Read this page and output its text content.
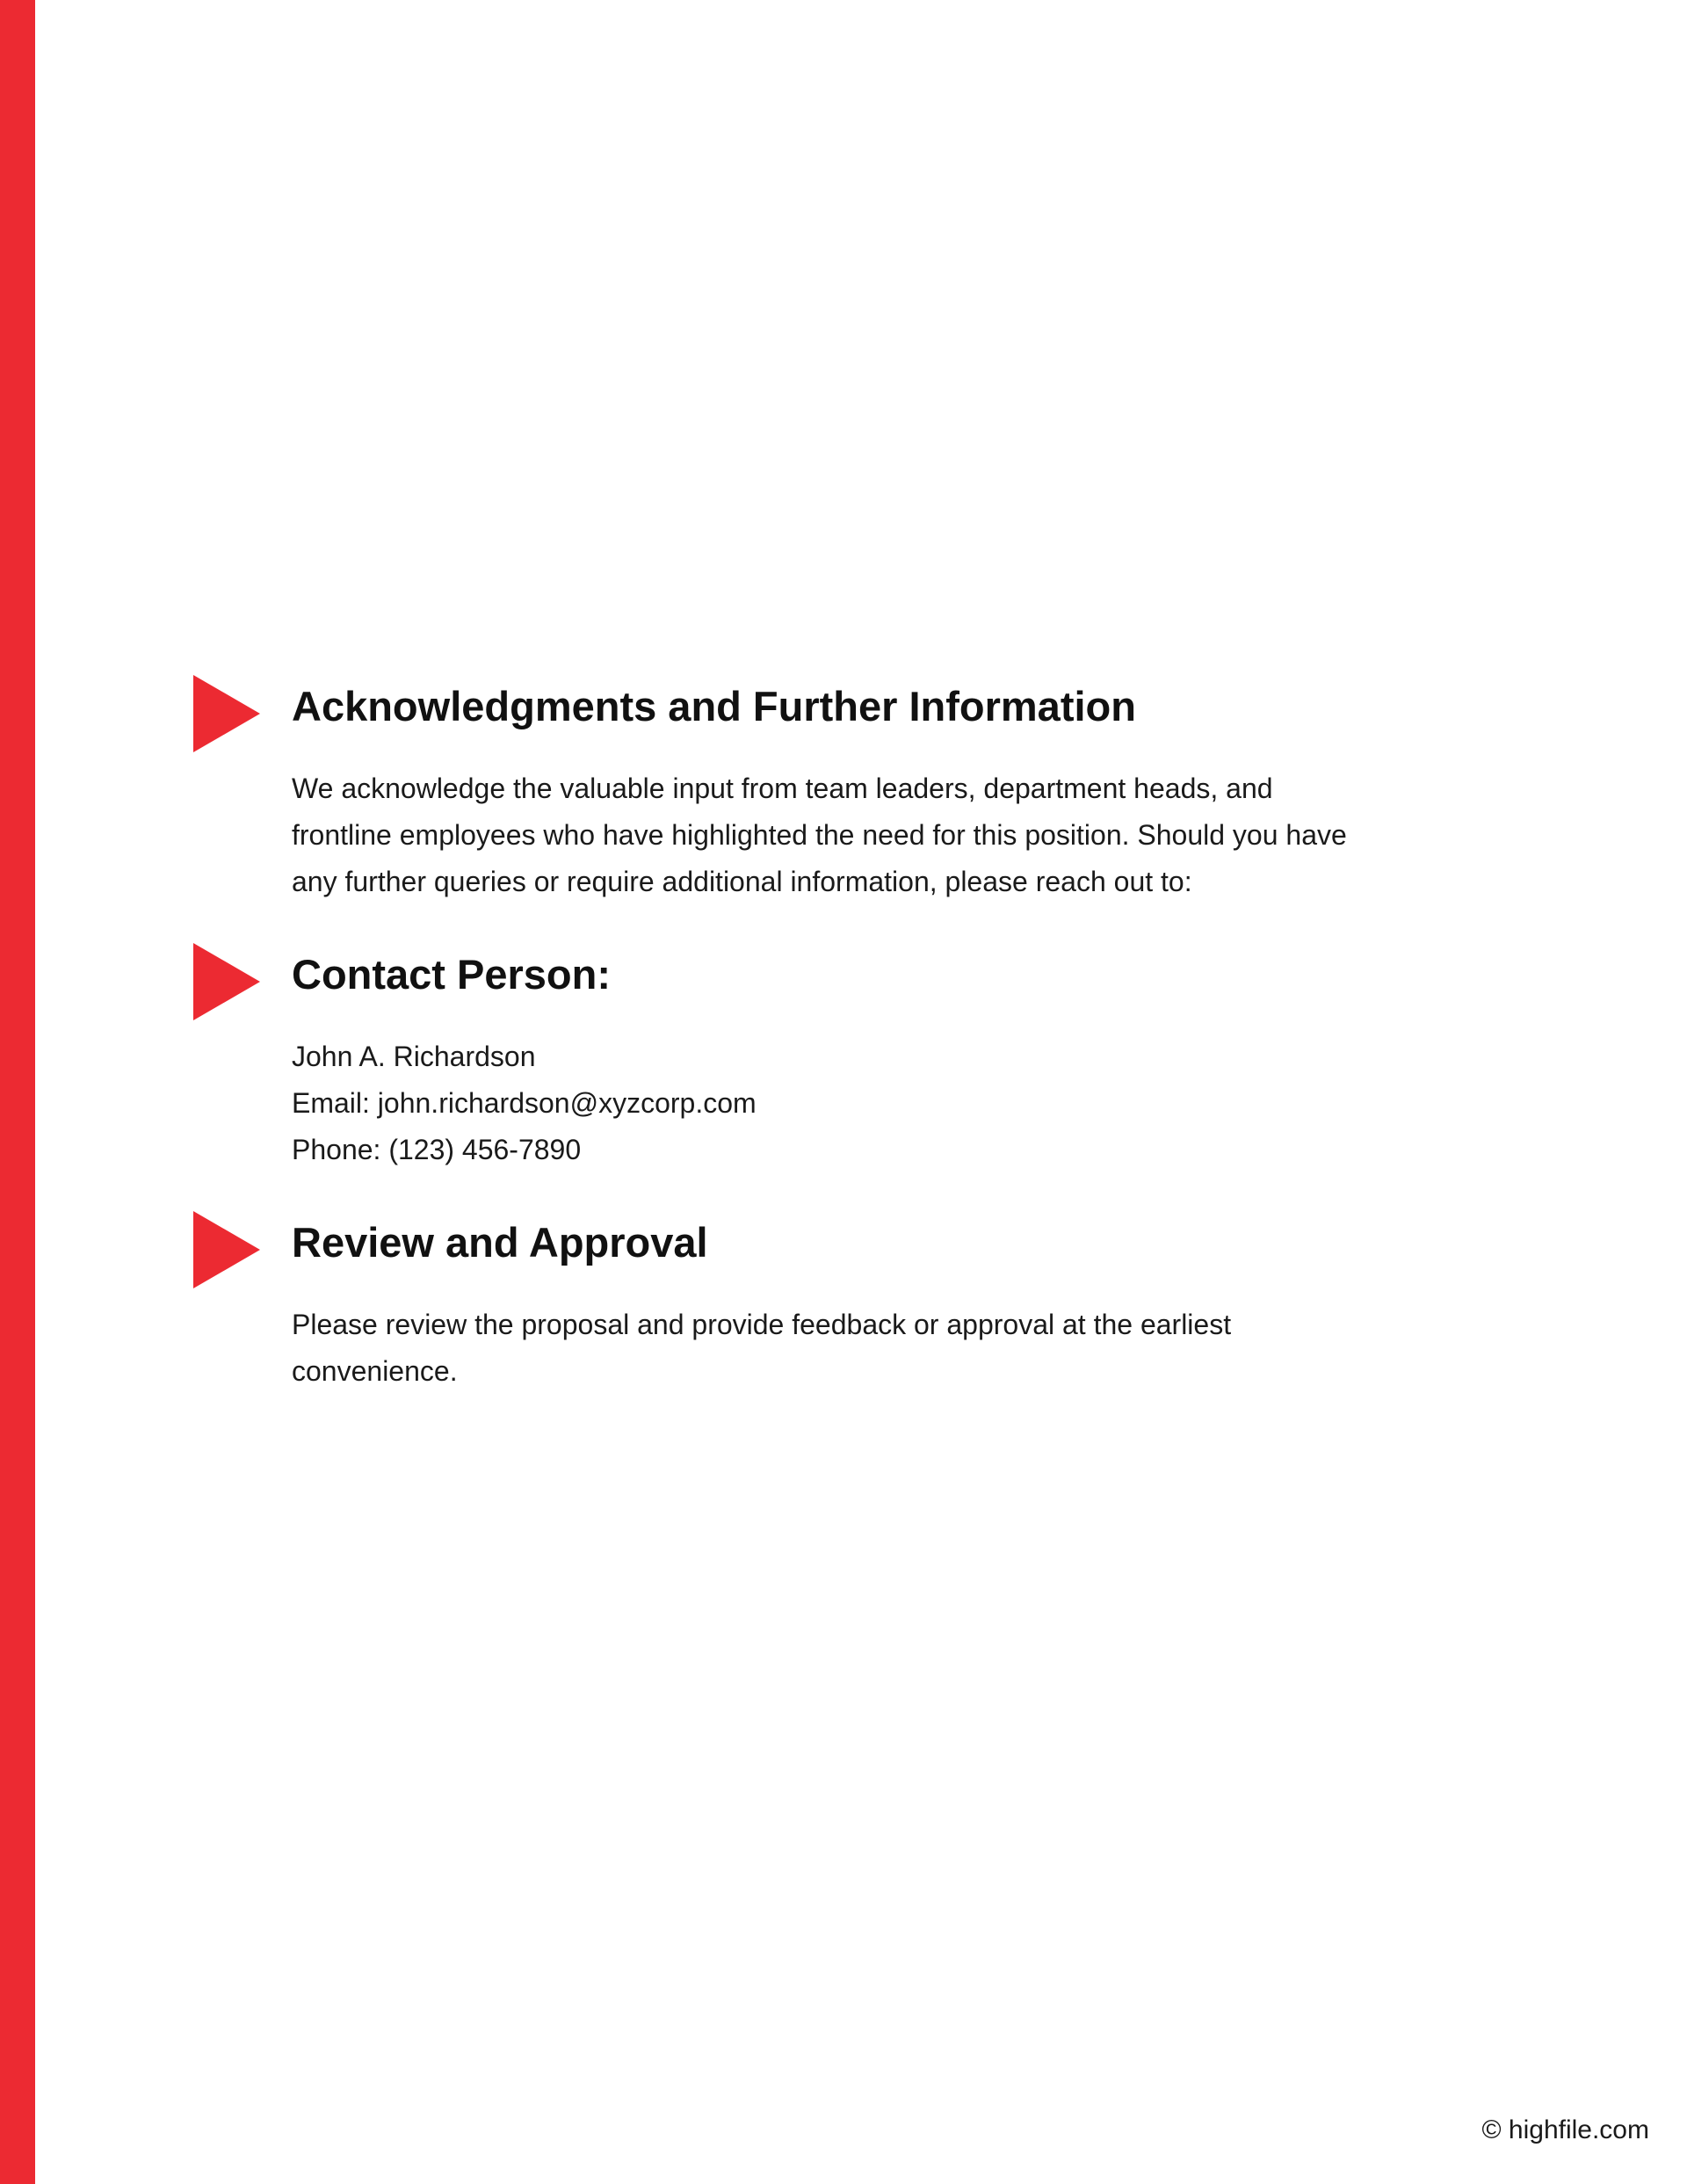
Acknowledgments and Further Information

We acknowledge the valuable input from team leaders, department heads, and
frontline employees who have highlighted the need for this position. Should you have
any further queries or require additional information, please reach out to:

Contact Person:

John A. Richardson
Email: john.richardson@xyzcorp.com
Phone: (123) 456-7890

Review and Approval

Please review the proposal and provide feedback or approval at the earliest
convenience.

© highfile.com
